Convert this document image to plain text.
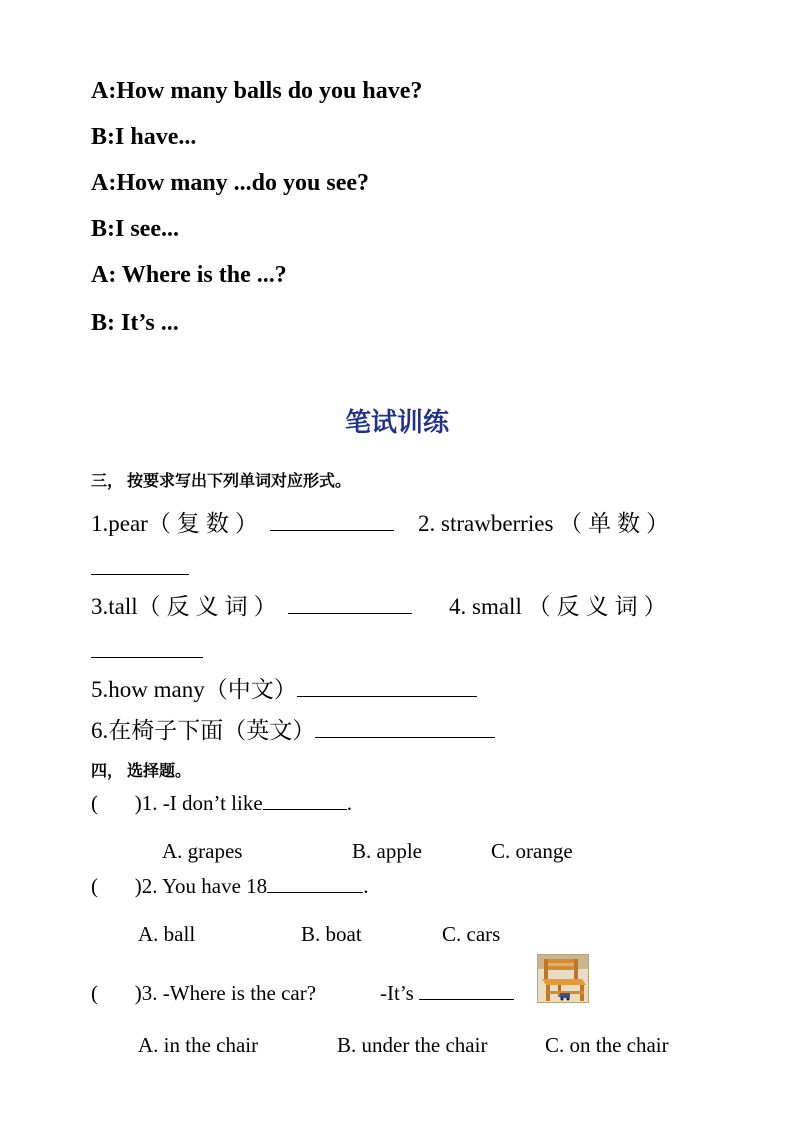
A:How many balls do you have?
B:I have...
A:How many ...do you see?
B:I see...
A: Where is the ...?
B: It’s ...
笔试训练
三， 按要求写出下列单词对应形式。
1.pear（复数）	2. strawberries （单数）
3.tall（反义词）	4. small （反义词）
5.how many（中文）
6.在椅子下面（英文）
四， 选择题。
(       )1. -I don’t like	.
A. grapes	B. apple	C. orange
(       )2. You have 18	.
A. ball	B. boat	C. cars
(       )3. -Where is the car?	-It’s
A. in the chair	B. under the chair	C. on the chair
